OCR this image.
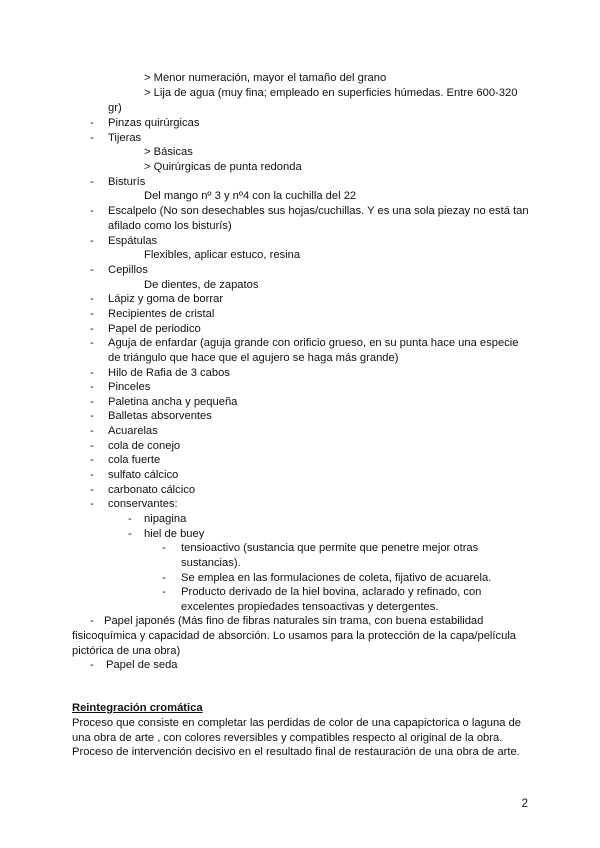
> Menor numeración, mayor el tamaño del grano
> Lija de agua (muy fina; empleado en superficies húmedas. Entre 600-320
gr)
- Pinzas quirúrgicas
- Tijeras
> Básicas
> Quirúrgicas de punta redonda
- Bisturís
Del mango nº 3 y nº4 con la cuchilla del 22
- Escalpelo (No son desechables sus hojas/cuchillas. Y es una sola piezay no está tan
afilado como los bisturís)
- Espátulas
Flexibles, aplicar estuco, resina
- Cepillos
De dientes, de zapatos
- Lápiz y goma de borrar
- Recipientes de cristal
- Papel de periodico
- Aguja de enfardar (aguja grande con orificio grueso, en su punta hace una especie
de triángulo que hace que el agujero se haga más grande)
- Hilo de Rafia de 3 cabos
- Pinceles
- Paletina ancha y pequeña
- Balletas absorventes
- Acuarelas
- cola de conejo
- cola fuerte
- sulfato cálcico
- carbonato cálcico
- conservantes:
- nipagina
- hiel de buey
- tensioactivo (sustancia que permite que penetre mejor otras
sustancias).
- Se emplea en las formulaciones de coleta, fijativo de acuarela.
- Producto derivado de la hiel bovina, aclarado y refinado, con
excelentes propiedades tensoactivas y detergentes.
- Papel japonés (Más fino de fibras naturales sin trama, con buena estabilidad
fisicoquímica y capacidad de absorción. Lo usamos para la protección de la capa/película
pictórica de una obra)
- Papel de seda
Reintegración cromática
Proceso que consiste en completar las perdidas de color de una capapictorica o laguna de
una obra de arte , con colores reversibles y compatibles respecto al original de la obra.
Proceso de intervención decisivo en el resultado final de restauración de una obra de arte.
2
